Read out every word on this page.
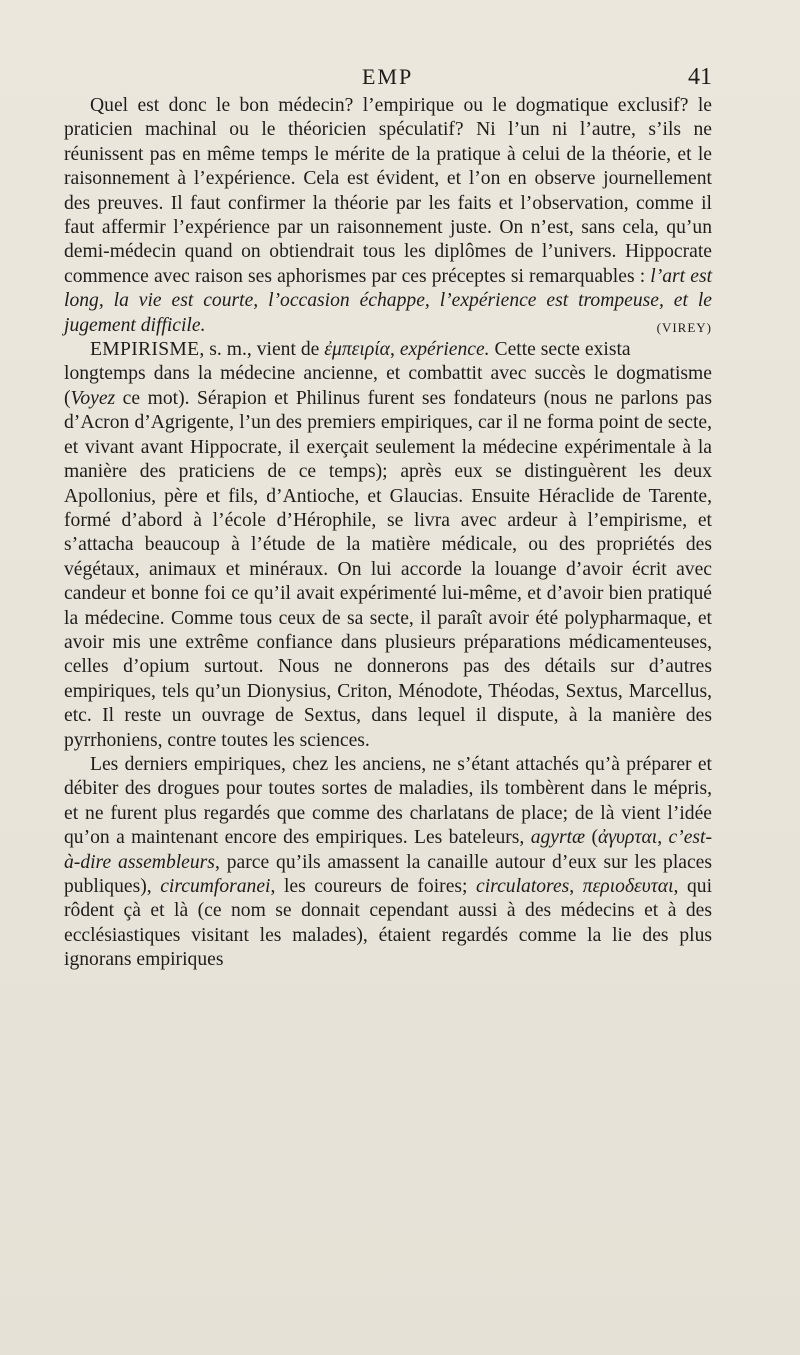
EMP	41

Quel est donc le bon médecin? l’empirique ou le dogmatique exclusif? le praticien machinal ou le théoricien spéculatif? Ni l’un ni l’autre, s’ils ne réunissent pas en même temps le mérite de la pratique à celui de la théorie, et le raisonnement à l’expérience. Cela est évident, et l’on en observe journellement des preuves. Il faut confirmer la théorie par les faits et l’observation, comme il faut affermir l’expérience par un raisonnement juste. On n’est, sans cela, qu’un demi-médecin quand on obtiendrait tous les diplômes de l’univers. Hippocrate commence avec raison ses aphorismes par ces préceptes si remarquables : l’art est long, la vie est courte, l’occasion échappe, l’expérience est trompeuse, et le jugement difficile.	(VIREY)

EMPIRISME, s. m., vient de ἐμπειρία, expérience. Cette secte exista longtemps dans la médecine ancienne, et combattit avec succès le dogmatisme (Voyez ce mot). Sérapion et Philinus furent ses fondateurs (nous ne parlons pas d’Acron d’Agrigente, l’un des premiers empiriques, car il ne forma point de secte, et vivant avant Hippocrate, il exerçait seulement la médecine expérimentale à la manière des praticiens de ce temps); après eux se distinguèrent les deux Apollonius, père et fils, d’Antioche, et Glaucias. Ensuite Héraclide de Tarente, formé d’abord à l’école d’Hérophile, se livra avec ardeur à l’empirisme, et s’attacha beaucoup à l’étude de la matière médicale, ou des propriétés des végétaux, animaux et minéraux. On lui accorde la louange d’avoir écrit avec candeur et bonne foi ce qu’il avait expérimenté lui-même, et d’avoir bien pratiqué la médecine. Comme tous ceux de sa secte, il paraît avoir été polypharmaque, et avoir mis une extrême confiance dans plusieurs préparations médicamenteuses, celles d’opium surtout. Nous ne donnerons pas des détails sur d’autres empiriques, tels qu’un Dionysius, Criton, Ménodote, Théodas, Sextus, Marcellus, etc. Il reste un ouvrage de Sextus, dans lequel il dispute, à la manière des pyrrhoniens, contre toutes les sciences.

Les derniers empiriques, chez les anciens, ne s’étant attachés qu’à préparer et débiter des drogues pour toutes sortes de maladies, ils tombèrent dans le mépris, et ne furent plus regardés que comme des charlatans de place; de là vient l’idée qu’on a maintenant encore des empiriques. Les bateleurs, agyrtæ (ἀγυρται, c’est-à-dire assembleurs, parce qu’ils amassent la canaille autour d’eux sur les places publiques), circumforanei, les coureurs de foires; circulatores, περιοδευται, qui rôdent çà et là (ce nom se donnait cependant aussi à des médecins et à des ecclésiastiques visitant les malades), étaient regardés comme la lie des plus ignorans empiriques
